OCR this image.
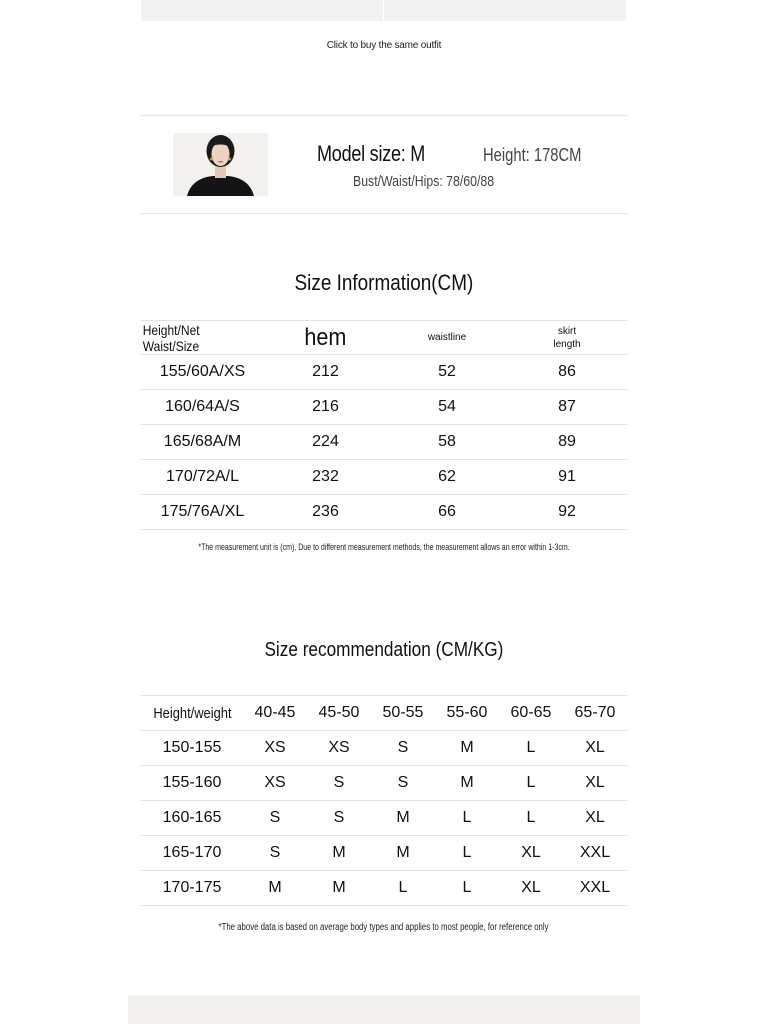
Click to buy the same outfit
Model size: M	Height: 178CM
Bust/Waist/Hips: 78/60/88
Size Information(CM)
Height/Net Waist/Size	hem	waistline	skirt
length

155/60A/XS	212	52	86
160/64A/S	216	54	87
165/68A/M	224	58	89
170/72A/L	232	62	91
175/76A/XL	236	66	92
*The measurement unit is (cm). Due to different measurement methods, the measurement allows an error within 1-3cm.
Size recommendation (CM/KG)
Height/weight	40-45	45-50	50-55	55-60	60-65	65-70
150-155	XS	XS	S	M	L	XL
155-160	XS	S	S	M	L	XL
160-165	S	S	M	L	L	XL
165-170	S	M	M	L	XL	XXL
170-175	M	M	L	L	XL	XXL
*The above data is based on average body types and applies to most people, for reference only
